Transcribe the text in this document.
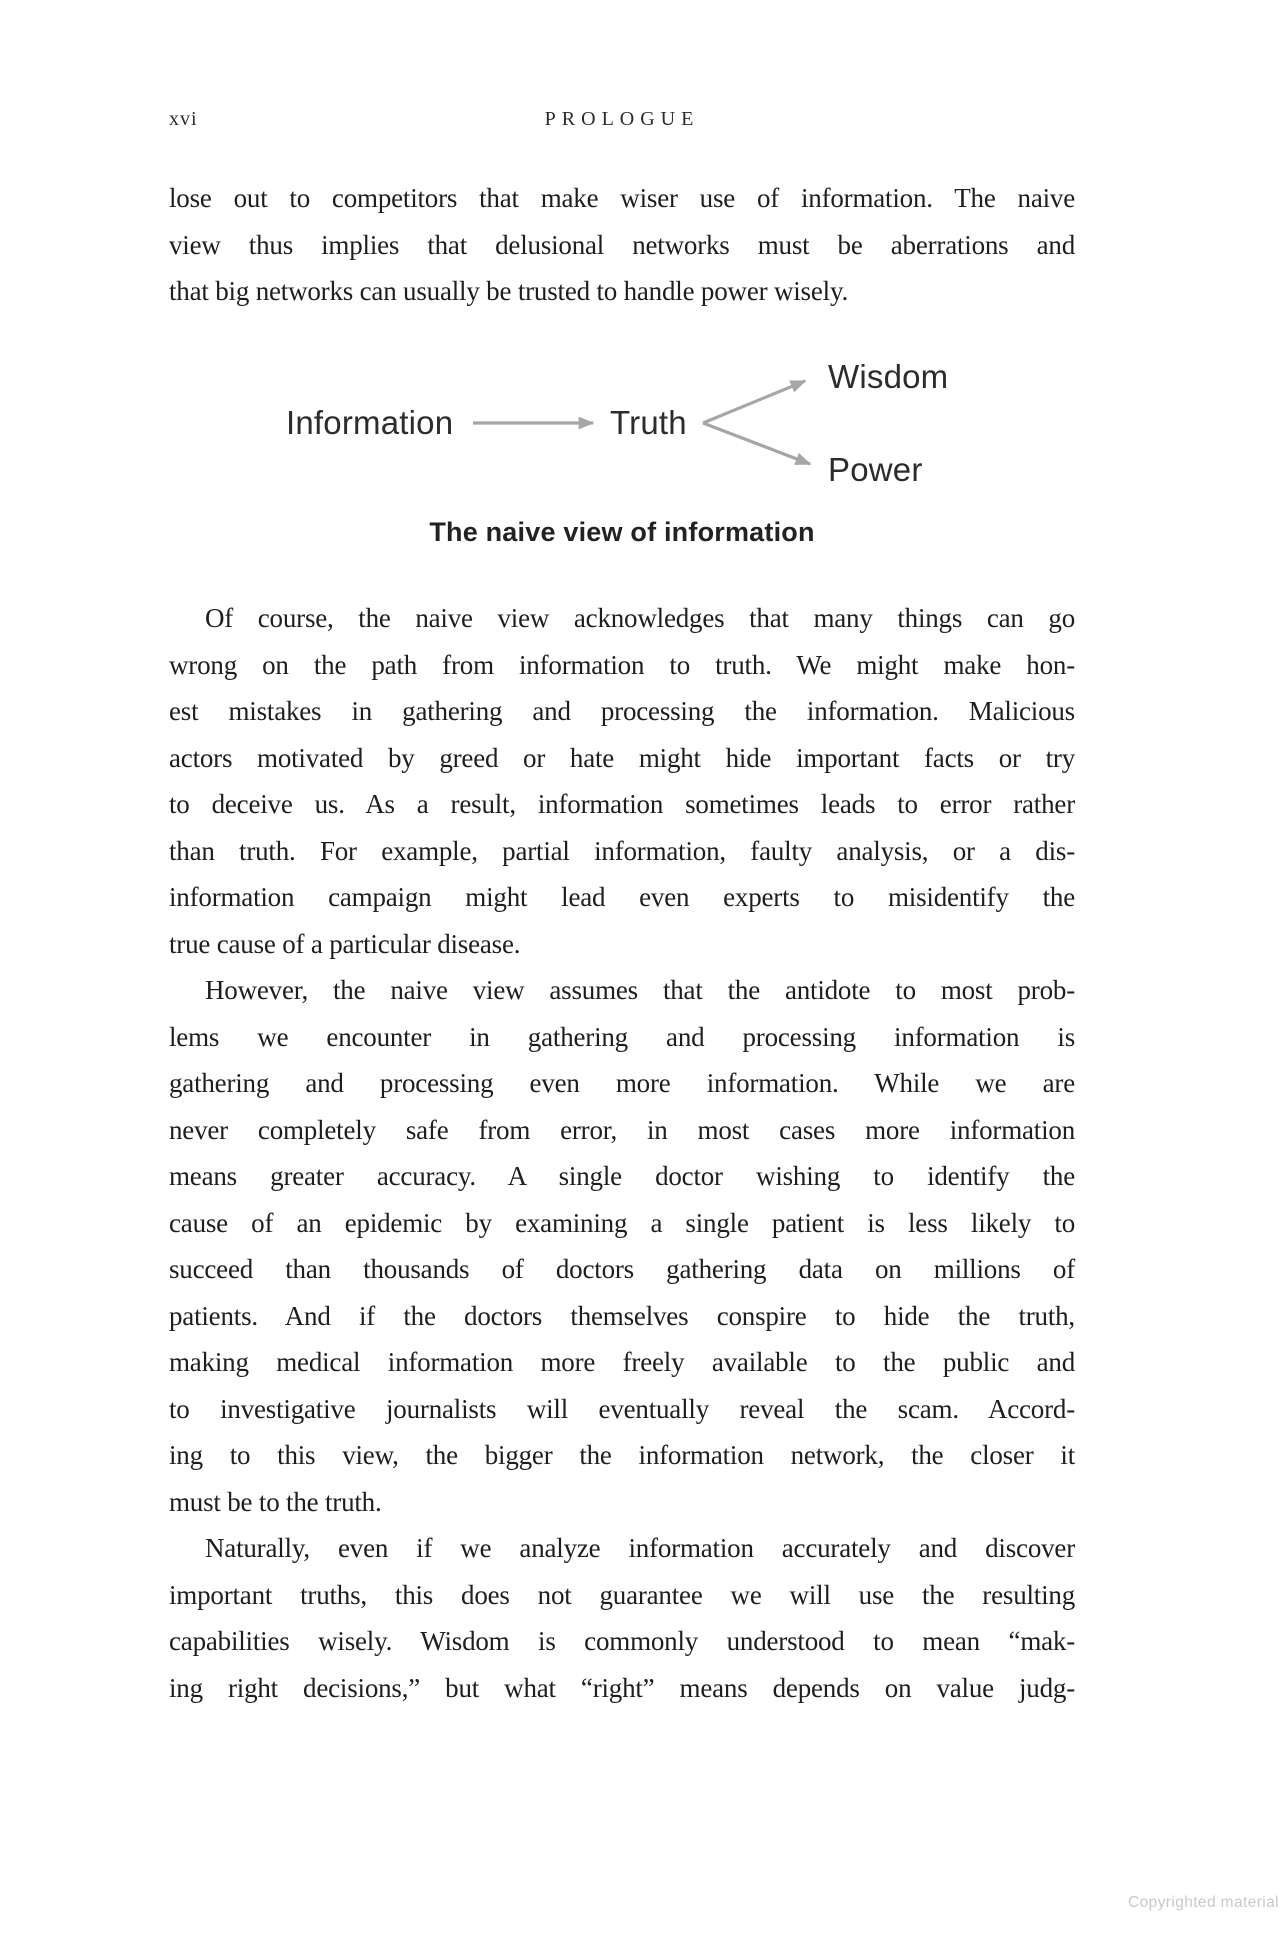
xvi	PROLOGUE
lose out to competitors that make wiser use of information. The naive
view thus implies that delusional networks must be aberrations and
that big networks can usually be trusted to handle power wisely.
Information	Truth
Wisdom
Power
The naive view of information
Of course, the naive view acknowledges that many things can go
wrong on the path from information to truth. We might make hon-
est mistakes in gathering and processing the information. Malicious
actors motivated by greed or hate might hide important facts or try
to deceive us. As a result, information sometimes leads to error rather
than truth. For example, partial information, faulty analysis, or a dis-
information campaign might lead even experts to misidentify the
true cause of a particular disease.
However, the naive view assumes that the antidote to most prob-
lems we encounter in gathering and processing information is
gathering and processing even more information. While we are
never completely safe from error, in most cases more information
means greater accuracy. A single doctor wishing to identify the
cause of an epidemic by examining a single patient is less likely to
succeed than thousands of doctors gathering data on millions of
patients. And if the doctors themselves conspire to hide the truth,
making medical information more freely available to the public and
to investigative journalists will eventually reveal the scam. Accord-
ing to this view, the bigger the information network, the closer it
must be to the truth.
Naturally, even if we analyze information accurately and discover
important truths, this does not guarantee we will use the resulting
capabilities wisely. Wisdom is commonly understood to mean “mak-
ing right decisions,” but what “right” means depends on value judg-
Copyrighted material
